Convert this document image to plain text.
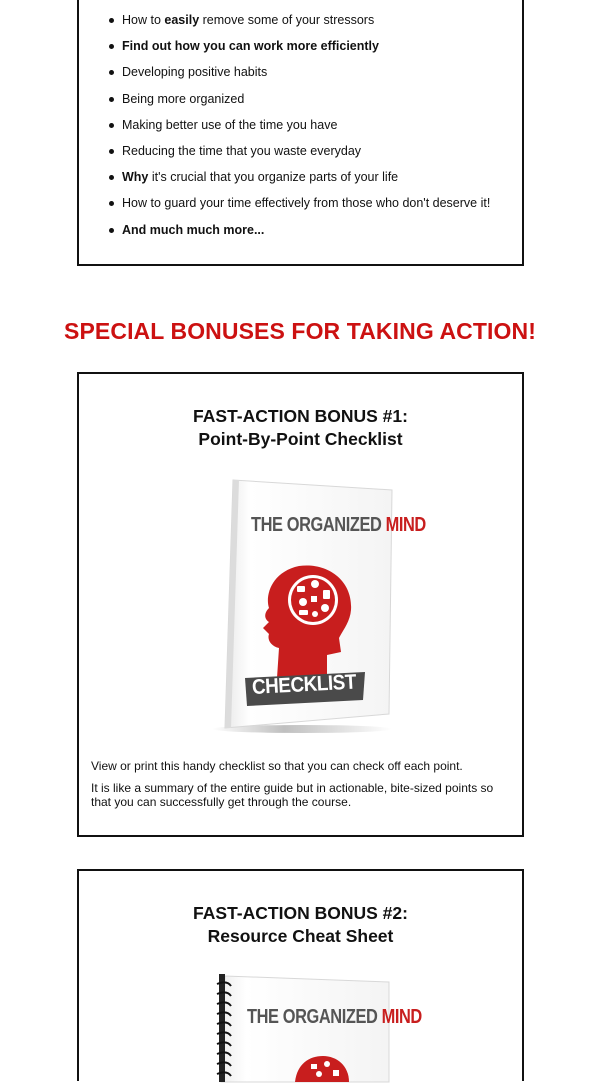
How to easily remove some of your stressors
Find out how you can work more efficiently
Developing positive habits
Being more organized
Making better use of the time you have
Reducing the time that you waste everyday
Why it's crucial that you organize parts of your life
How to guard your time effectively from those who don't deserve it!
And much much more...
SPECIAL BONUSES FOR TAKING ACTION!
FAST-ACTION BONUS #1:
Point-By-Point Checklist
THE ORGANIZED MIND
CHECKLIST

View or print this handy checklist so that you can check off each point.

It is like a summary of the entire guide but in actionable, bite-sized points so that you can successfully get through the course.

FAST-ACTION BONUS #2:
Resource Cheat Sheet
THE ORGANIZED MIND
